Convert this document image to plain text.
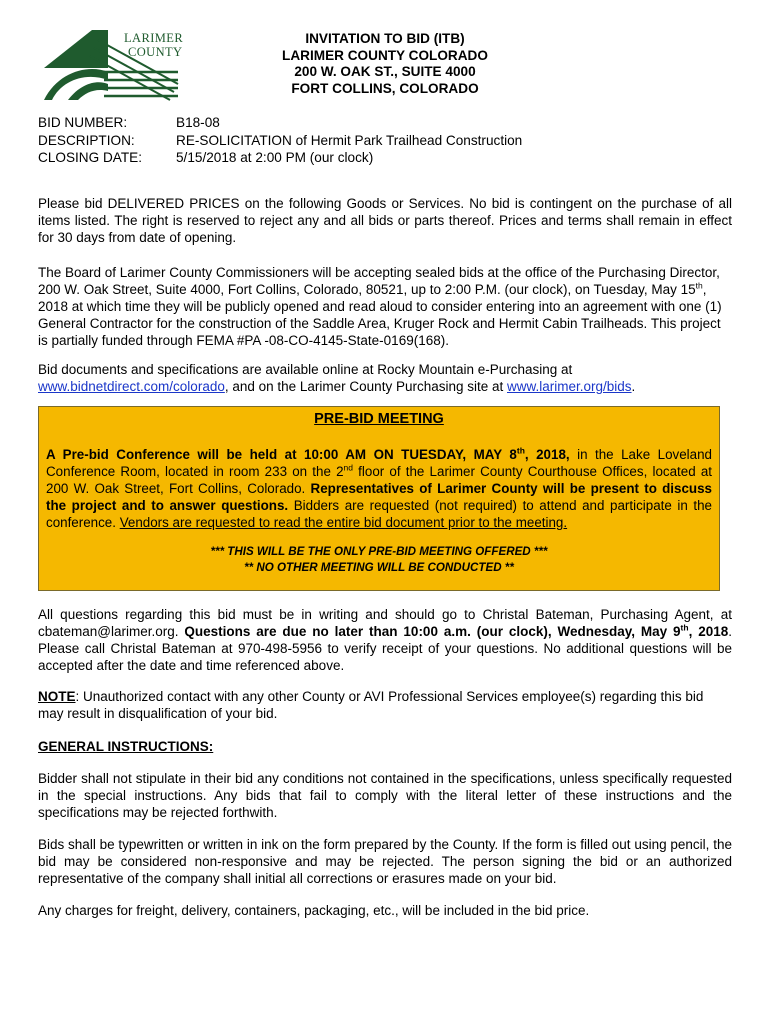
LARIMER
COUNTY
INVITATION TO BID (ITB)
LARIMER COUNTY COLORADO
200 W. OAK ST., SUITE 4000
FORT COLLINS, COLORADO
BID NUMBER:	B18-08
DESCRIPTION:	RE-SOLICITATION of Hermit Park Trailhead Construction
CLOSING DATE:	5/15/2018 at 2:00 PM (our clock)
Please bid DELIVERED PRICES on the following Goods or Services. No bid is contingent on the purchase of all items listed. The right is reserved to reject any and all bids or parts thereof. Prices and terms shall remain in effect for 30 days from date of opening.
The Board of Larimer County Commissioners will be accepting sealed bids at the office of the Purchasing Director, 200 W. Oak Street, Suite 4000, Fort Collins, Colorado, 80521, up to 2:00 P.M. (our clock), on Tuesday, May 15th, 2018 at which time they will be publicly opened and read aloud to consider entering into an agreement with one (1) General Contractor for the construction of the Saddle Area, Kruger Rock and Hermit Cabin Trailheads. This project is partially funded through FEMA #PA -08-CO-4145-State-0169(168).
Bid documents and specifications are available online at Rocky Mountain e-Purchasing at www.bidnetdirect.com/colorado, and on the Larimer County Purchasing site at www.larimer.org/bids.
PRE-BID MEETING
A Pre-bid Conference will be held at 10:00 AM ON TUESDAY, MAY 8th, 2018, in the Lake Loveland Conference Room, located in room 233 on the 2nd floor of the Larimer County Courthouse Offices, located at 200 W. Oak Street, Fort Collins, Colorado. Representatives of Larimer County will be present to discuss the project and to answer questions. Bidders are requested (not required) to attend and participate in the conference. Vendors are requested to read the entire bid document prior to the meeting.
*** THIS WILL BE THE ONLY PRE-BID MEETING OFFERED ***
** NO OTHER MEETING WILL BE CONDUCTED **
All questions regarding this bid must be in writing and should go to Christal Bateman, Purchasing Agent, at cbateman@larimer.org. Questions are due no later than 10:00 a.m. (our clock), Wednesday, May 9th, 2018. Please call Christal Bateman at 970-498-5956 to verify receipt of your questions. No additional questions will be accepted after the date and time referenced above.
NOTE: Unauthorized contact with any other County or AVI Professional Services employee(s) regarding this bid may result in disqualification of your bid.
GENERAL INSTRUCTIONS:
Bidder shall not stipulate in their bid any conditions not contained in the specifications, unless specifically requested in the special instructions. Any bids that fail to comply with the literal letter of these instructions and the specifications may be rejected forthwith.
Bids shall be typewritten or written in ink on the form prepared by the County. If the form is filled out using pencil, the bid may be considered non-responsive and may be rejected. The person signing the bid or an authorized representative of the company shall initial all corrections or erasures made on your bid.
Any charges for freight, delivery, containers, packaging, etc., will be included in the bid price.
